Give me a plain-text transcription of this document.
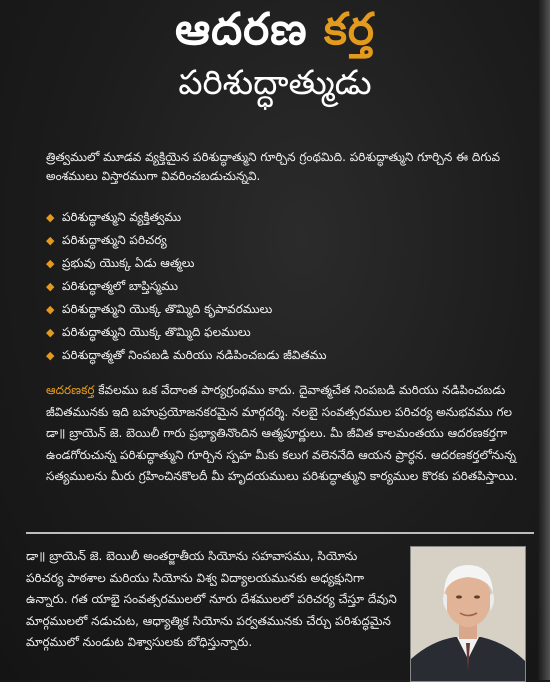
ఆదరణ కర్త
పరిశుద్ధాత్ముడు
త్రిత్వములో మూడవ వ్యక్తియైన పరిశుద్ధాత్ముని గూర్చిన గ్రంథమిది. పరిశుద్ధాత్ముని గూర్చిన ఈ దిగువ అంశములు విస్తారముగా వివరించబడుచున్నవి.
◆ పరిశుద్ధాత్ముని వ్యక్తిత్వము
◆ పరిశుద్ధాత్ముని పరిచర్య
◆ ప్రభువు యొక్క ఏడు ఆత్మలు
◆ పరిశుద్ధాత్మలో బాప్తిస్మము
◆ పరిశుద్ధాత్ముని యొక్క తొమ్మిది కృపావరములు
◆ పరిశుద్ధాత్ముని యొక్క తొమ్మిది ఫలములు
◆ పరిశుద్ధాత్మతో నింపబడి మరియు నడిపించబడు జీవితము
ఆదరణకర్త కేవలము ఒక వేదాంత పార్యగ్రంథము కాదు. దైవాత్మచేత నింపబడి మరియు నడిపించబడు జీవితమునకు ఇది బహుప్రయోజనకరమైన మార్గదర్శి. నలబై సంవత్సరముల పరిచర్య అనుభవము గల డా॥ బ్రాయెన్ జె. బెయిలీ గారు ప్రభ్యాతినొందిన ఆత్మపూర్ణులు. మీ జీవిత కాలమంతయు ఆదరణకర్తగా ఉండగోరుచున్న పరిశుద్ధాత్ముని గూర్చిన స్పహ మీకు కలుగ వలెననేది ఆయన ప్రార్ధన. ఆదరణకర్తలోనున్న సత్యములను మీరు గ్రహించినకొలదీ మీ హృదయములు పరిశుద్ధాత్ముని కార్యముల కొరకు పరితపిస్తాయి.
డా॥ బ్రాయెన్ జె. బెయిలీ అంతర్జాతీయ సియోను సహవాసము, సియోను పరిచర్య పాఠశాల మరియు సియోను విశ్వ విద్యాలయమునకు అధ్యక్షునిగా ఉన్నారు. గత యాభై సంవత్సరములలో నూరు దేశములలో పరిచర్య చేస్తూ దేవుని మార్గములలో నడుచుట, ఆధ్యాత్మిక సియోను పర్వతమునకు చేర్చు పరిశుద్ధమైన మార్గములో నుండుట విశ్వాసులకు బోధిస్తున్నారు.
